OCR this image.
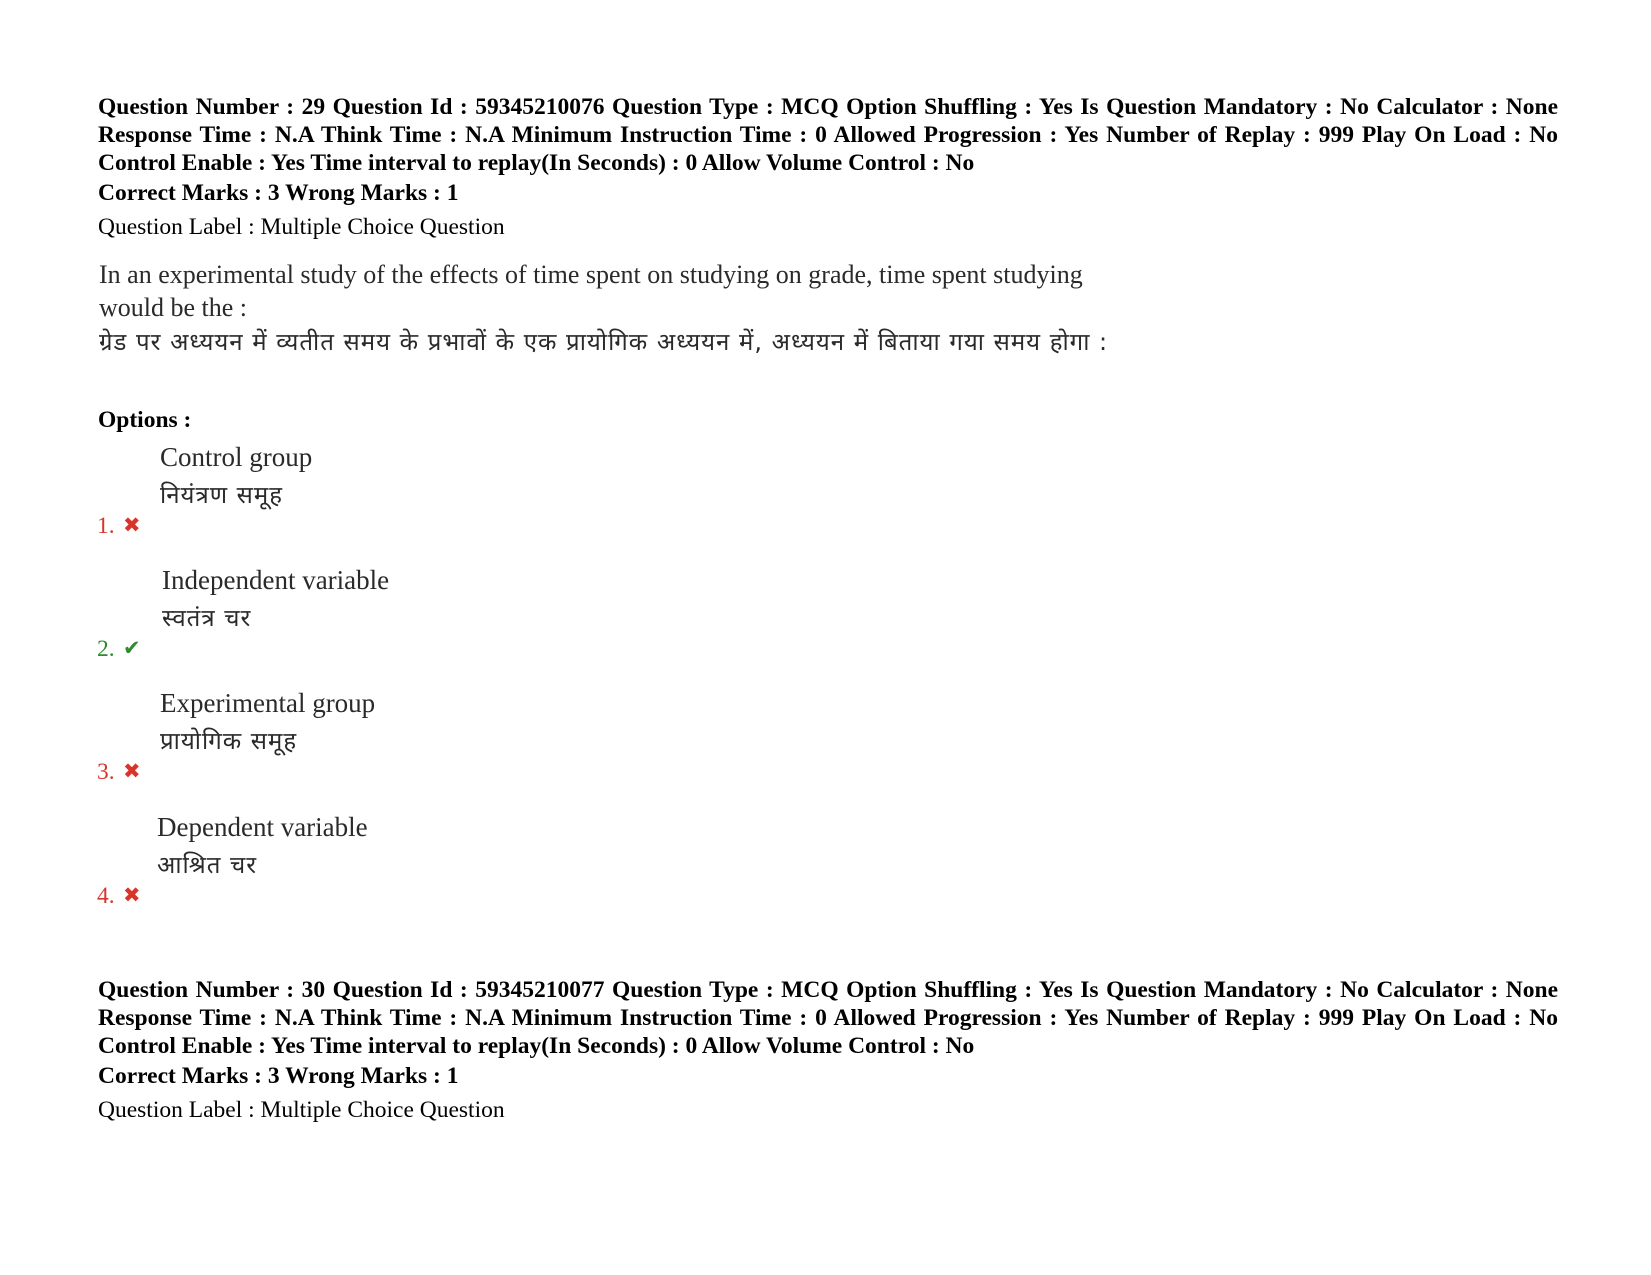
Question Number : 29 Question Id : 59345210076 Question Type : MCQ Option Shuffling : Yes Is Question Mandatory : No Calculator : None Response Time : N.A Think Time : N.A Minimum Instruction Time : 0 Allowed Progression : Yes Number of Replay : 999 Play On Load : No Control Enable : Yes Time interval to replay(In Seconds) : 0 Allow Volume Control : No
Correct Marks : 3 Wrong Marks : 1
Question Label : Multiple Choice Question

In an experimental study of the effects of time spent on studying on grade, time spent studying would be the :

ग्रेड पर अध्ययन में व्यतीत समय के प्रभावों के एक प्रायोगिक अध्ययन में, अध्ययन में बिताया गया समय होगा :

Options :
Control group
नियंत्रण समूह
1. ✖
Independent variable
स्वतंत्र चर
2. ✔
Experimental group
प्रायोगिक समूह
3. ✖
Dependent variable
आश्रित चर
4. ✖
Question Number : 30 Question Id : 59345210077 Question Type : MCQ Option Shuffling : Yes Is Question Mandatory : No Calculator : None Response Time : N.A Think Time : N.A Minimum Instruction Time : 0 Allowed Progression : Yes Number of Replay : 999 Play On Load : No Control Enable : Yes Time interval to replay(In Seconds) : 0 Allow Volume Control : No
Correct Marks : 3 Wrong Marks : 1
Question Label : Multiple Choice Question
